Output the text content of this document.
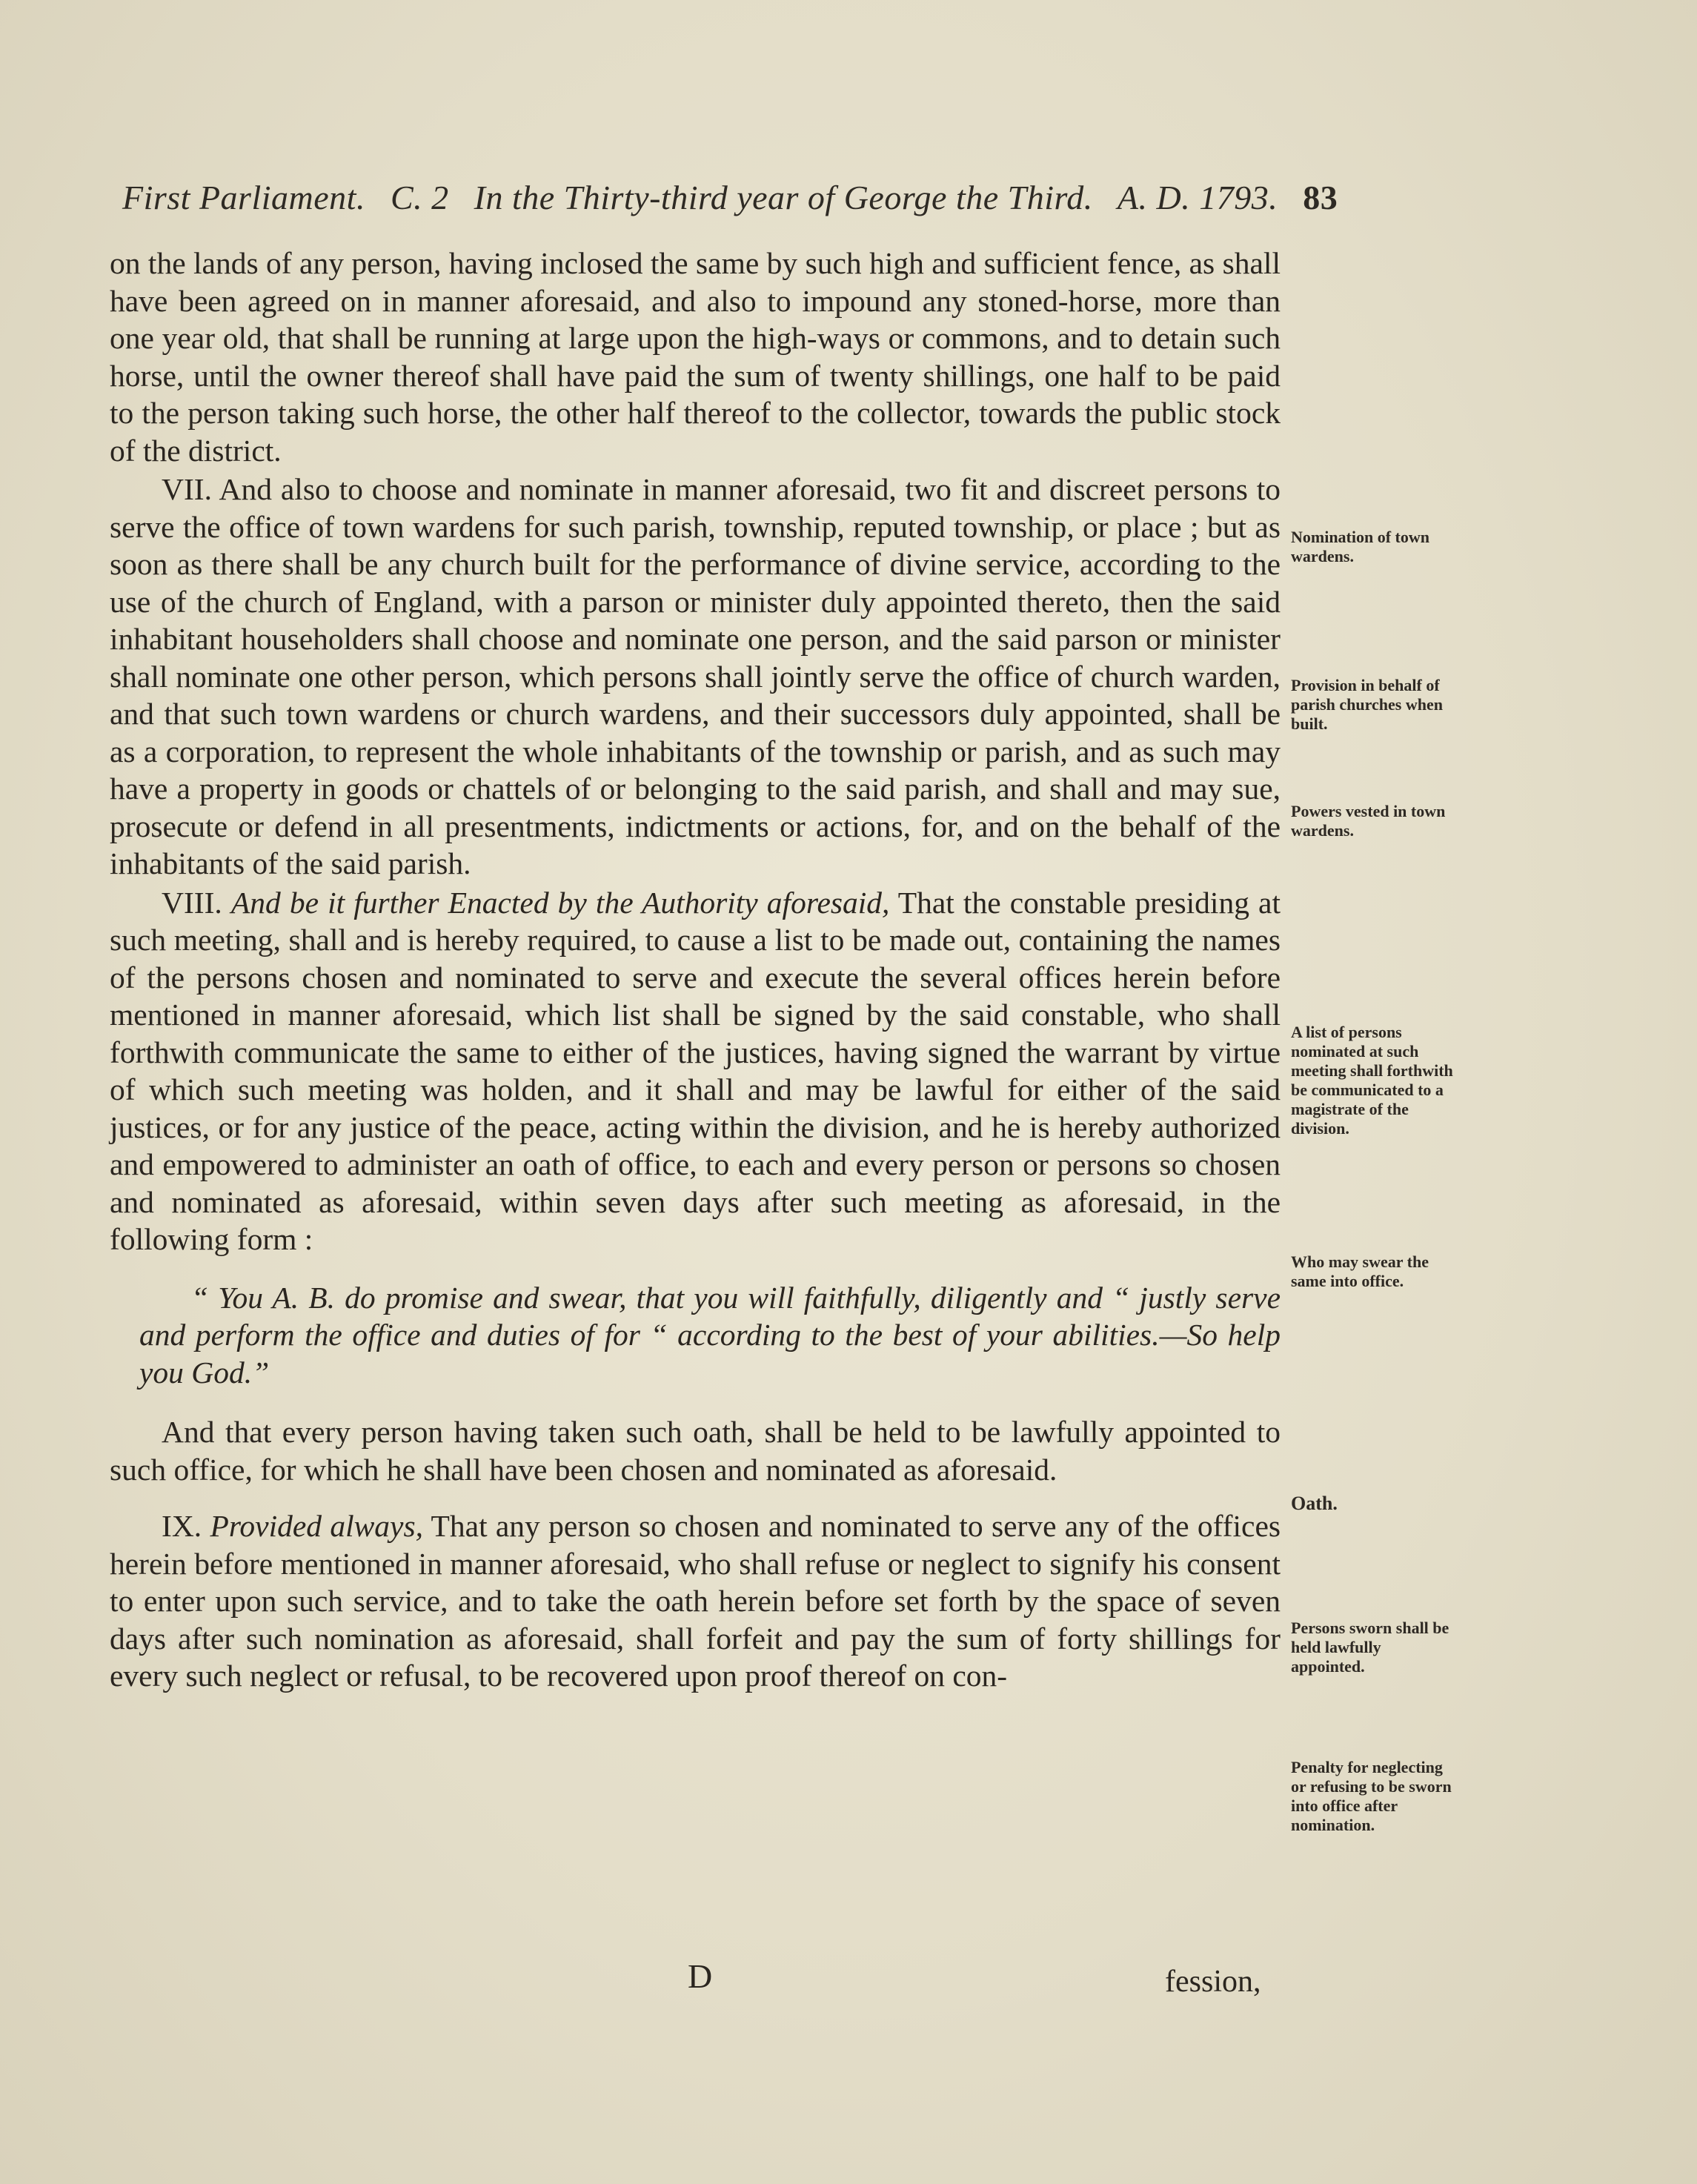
First Parliament. C. 2 In the Thirty-third year of George the Third. A. D. 1793. 83

on the lands of any person, having inclosed the same by such high and sufficient fence, as shall have been agreed on in manner aforesaid, and also to impound any stoned-horse, more than one year old, that shall be running at large upon the high-ways or commons, and to detain such horse, until the owner thereof shall have paid the sum of twenty shillings, one half to be paid to the person taking such horse, the other half thereof to the collector, towards the public stock of the district.

VII. And also to choose and nominate in manner aforesaid, two fit and discreet persons to serve the office of town wardens for such parish, township, reputed township, or place ; but as soon as there shall be any church built for the performance of divine service, according to the use of the church of England, with a parson or minister duly appointed thereto, then the said inhabitant householders shall choose and nominate one person, and the said parson or minister shall nominate one other person, which persons shall jointly serve the office of church warden, and that such town wardens or church wardens, and their successors duly appointed, shall be as a corporation, to represent the whole inhabitants of the township or parish, and as such may have a property in goods or chattels of or belonging to the said parish, and shall and may sue, prosecute or defend in all presentments, indictments or actions, for, and on the behalf of the inhabitants of the said parish.

VIII. And be it further Enacted by the Authority aforesaid, That the constable presiding at such meeting, shall and is hereby required, to cause a list to be made out, containing the names of the persons chosen and nominated to serve and execute the several offices herein before mentioned in manner aforesaid, which list shall be signed by the said constable, who shall forthwith communicate the same to either of the justices, having signed the warrant by virtue of which such meeting was holden, and it shall and may be lawful for either of the said justices, or for any justice of the peace, acting within the division, and he is hereby authorized and empowered to administer an oath of office, to each and every person or persons so chosen and nominated as aforesaid, within seven days after such meeting as aforesaid, in the following form :

“ You A. B. do promise and swear, that you will faithfully, diligently and “ justly serve and perform the office and duties of for “ according to the best of your abilities.—So help you God.”

And that every person having taken such oath, shall be held to be lawfully appointed to such office, for which he shall have been chosen and nominated as aforesaid.

IX. Provided always, That any person so chosen and nominated to serve any of the offices herein before mentioned in manner aforesaid, who shall refuse or neglect to signify his consent to enter upon such service, and to take the oath herein before set forth by the space of seven days after such nomination as aforesaid, shall forfeit and pay the sum of forty shillings for every such neglect or refusal, to be recovered upon proof thereof on con-

Nomination of town wardens.
Provision in behalf of parish churches when built.
Powers vested in town wardens.
A list of persons nominated at such meeting shall forthwith be communicated to a magistrate of the division.
Who may swear the same into office.
Oath.
Persons sworn shall be held lawfully appointed.
Penalty for neglecting or refusing to be sworn into office after nomination.
D	fession,
